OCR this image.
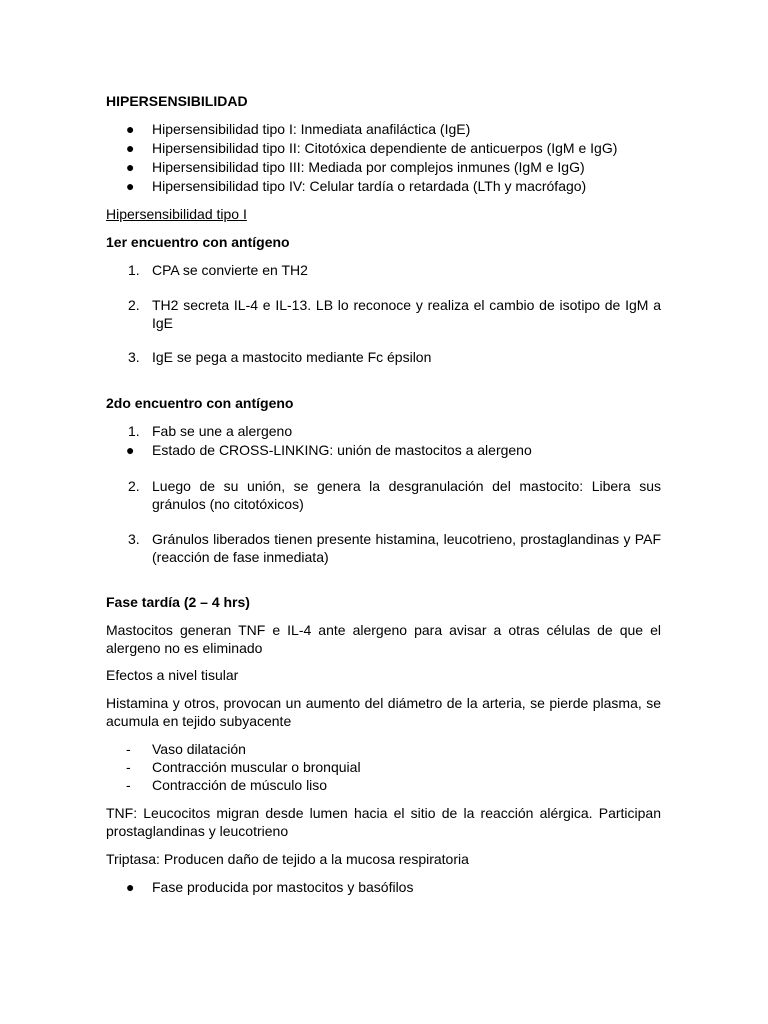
HIPERSENSIBILIDAD
● Hipersensibilidad tipo I: Inmediata anafiláctica (IgE)
● Hipersensibilidad tipo II: Citotóxica dependiente de anticuerpos (IgM e IgG)
● Hipersensibilidad tipo III: Mediada por complejos inmunes (IgM e IgG)
● Hipersensibilidad tipo IV: Celular tardía o retardada (LTh y macrófago)
Hipersensibilidad tipo I
1er encuentro con antígeno
1. CPA se convierte en TH2
2. TH2 secreta IL-4 e IL-13. LB lo reconoce y realiza el cambio de isotipo de IgM a IgE
3. IgE se pega a mastocito mediante Fc épsilon
2do encuentro con antígeno
1. Fab se une a alergeno
● Estado de CROSS-LINKING: unión de mastocitos a alergeno
2. Luego de su unión, se genera la desgranulación del mastocito: Libera sus gránulos (no citotóxicos)
3. Gránulos liberados tienen presente histamina, leucotrieno, prostaglandinas y PAF (reacción de fase inmediata)
Fase tardía (2 – 4 hrs)

Mastocitos generan TNF e IL-4 ante alergeno para avisar a otras células de que el alergeno no es eliminado

Efectos a nivel tisular

Histamina y otros, provocan un aumento del diámetro de la arteria, se pierde plasma, se acumula en tejido subyacente

- Vaso dilatación
- Contracción muscular o bronquial
- Contracción de músculo liso

TNF: Leucocitos migran desde lumen hacia el sitio de la reacción alérgica. Participan prostaglandinas y leucotrieno

Triptasa: Producen daño de tejido a la mucosa respiratoria

● Fase producida por mastocitos y basófilos
